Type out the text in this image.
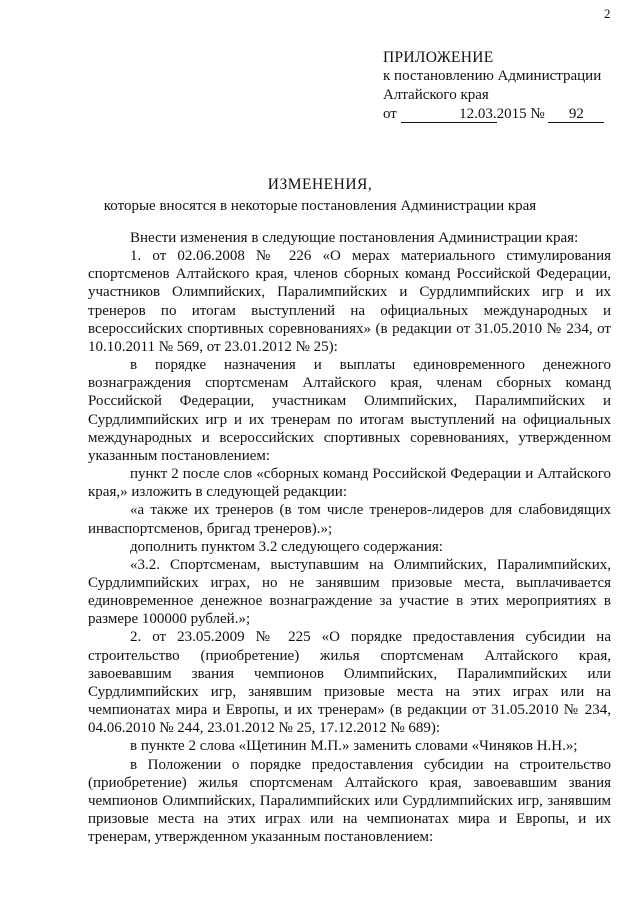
2
ПРИЛОЖЕНИЕ
к постановлению Администрации
Алтайского края
от	12.03.2015 № 92
ИЗМЕНЕНИЯ,
которые вносятся в некоторые постановления Администрации края

Внести изменения в следующие постановления Администрации края:

1. от 02.06.2008 № 226 «О мерах материального стимулирования спортсменов Алтайского края, членов сборных команд Российской Федерации, участников Олимпийских, Паралимпийских и Сурдлимпийских игр и их тренеров по итогам выступлений на официальных международных и всероссийских спортивных соревнованиях» (в редакции от 31.05.2010 № 234, от 10.10.2011 № 569, от 23.01.2012 № 25):

в порядке назначения и выплаты единовременного денежного вознаграждения спортсменам Алтайского края, членам сборных команд Российской Федерации, участникам Олимпийских, Паралимпийских и Сурдлимпийских игр и их тренерам по итогам выступлений на официальных международных и всероссийских спортивных соревнованиях, утвержденном указанным постановлением:

пункт 2 после слов «сборных команд Российской Федерации и Алтайского края,» изложить в следующей редакции:

«а также их тренеров (в том числе тренеров-лидеров для слабовидящих инваспортсменов, бригад тренеров).»;

дополнить пунктом 3.2 следующего содержания:

«3.2. Спортсменам, выступавшим на Олимпийских, Паралимпийских, Сурдлимпийских играх, но не занявшим призовые места, выплачивается единовременное денежное вознаграждение за участие в этих мероприятиях в размере 100000 рублей.»;

2. от 23.05.2009 № 225 «О порядке предоставления субсидии на строительство (приобретение) жилья спортсменам Алтайского края, завоевавшим звания чемпионов Олимпийских, Паралимпийских или Сурдлимпийских игр, занявшим призовые места на этих играх или на чемпионатах мира и Европы, и их тренерам» (в редакции от 31.05.2010 № 234, 04.06.2010 № 244, 23.01.2012 № 25, 17.12.2012 № 689):

в пункте 2 слова «Щетинин М.П.» заменить словами «Чиняков Н.Н.»;

в Положении о порядке предоставления субсидии на строительство (приобретение) жилья спортсменам Алтайского края, завоевавшим звания чемпионов Олимпийских, Паралимпийских или Сурдлимпийских игр, занявшим призовые места на этих играх или на чемпионатах мира и Европы, и их тренерам, утвержденном указанным постановлением:
